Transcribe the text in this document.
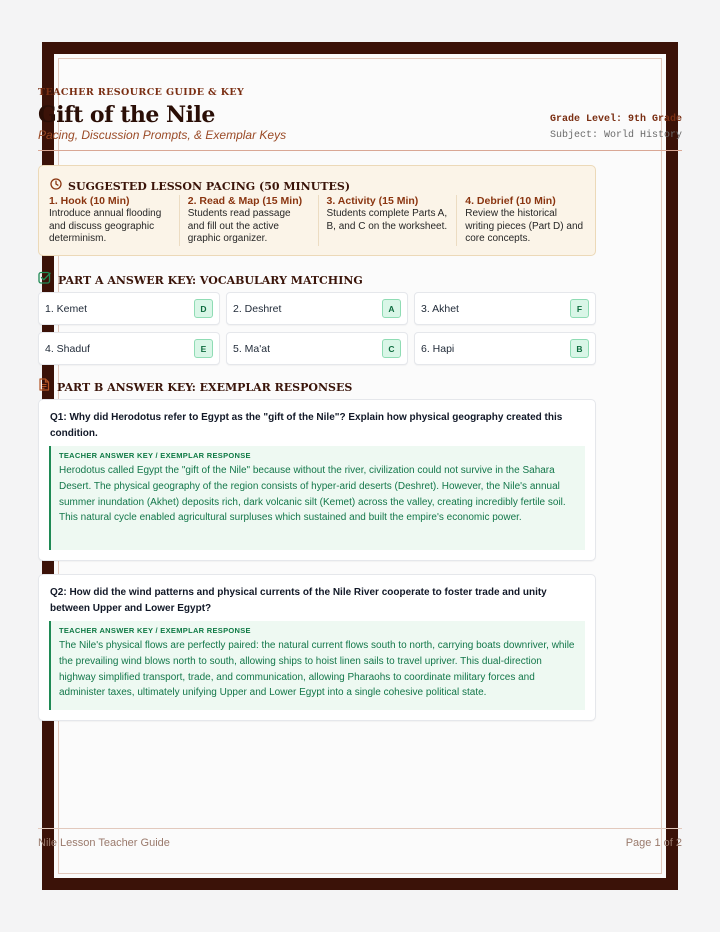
TEACHER RESOURCE GUIDE & KEY
Gift of the Nile
Pacing, Discussion Prompts, & Exemplar Keys
Grade Level: 9th Grade
Subject: World History
SUGGESTED LESSON PACING (50 MINUTES)
1. Hook (10 Min)
Introduce annual flooding and discuss geographic determinism.
2. Read & Map (15 Min)
Students read passage and fill out the active graphic organizer.
3. Activity (15 Min)
Students complete Parts A, B, and C on the worksheet.
4. Debrief (10 Min)
Review the historical writing pieces (Part D) and core concepts.
PART A ANSWER KEY: VOCABULARY MATCHING
1. Kemet	D	2. Deshret	A	3. Akhet	F
4. Shaduf	E	5. Ma'at	C	6. Hapi	B
PART B ANSWER KEY: EXEMPLAR RESPONSES
Q1: Why did Herodotus refer to Egypt as the "gift of the Nile"? Explain how physical geography created this condition.
TEACHER ANSWER KEY / EXEMPLAR RESPONSE
Herodotus called Egypt the "gift of the Nile" because without the river, civilization could not survive in the Sahara Desert. The physical geography of the region consists of hyper-arid deserts (Deshret). However, the Nile's annual summer inundation (Akhet) deposits rich, dark volcanic silt (Kemet) across the valley, creating incredibly fertile soil. This natural cycle enabled agricultural surpluses which sustained and built the empire's economic power.
Q2: How did the wind patterns and physical currents of the Nile River cooperate to foster trade and unity between Upper and Lower Egypt?
TEACHER ANSWER KEY / EXEMPLAR RESPONSE
The Nile's physical flows are perfectly paired: the natural current flows south to north, carrying boats downriver, while the prevailing wind blows north to south, allowing ships to hoist linen sails to travel upriver. This dual-direction highway simplified transport, trade, and communication, allowing Pharaohs to coordinate military forces and administer taxes, ultimately unifying Upper and Lower Egypt into a single cohesive political state.
Nile Lesson Teacher Guide	Page 1 of 2
